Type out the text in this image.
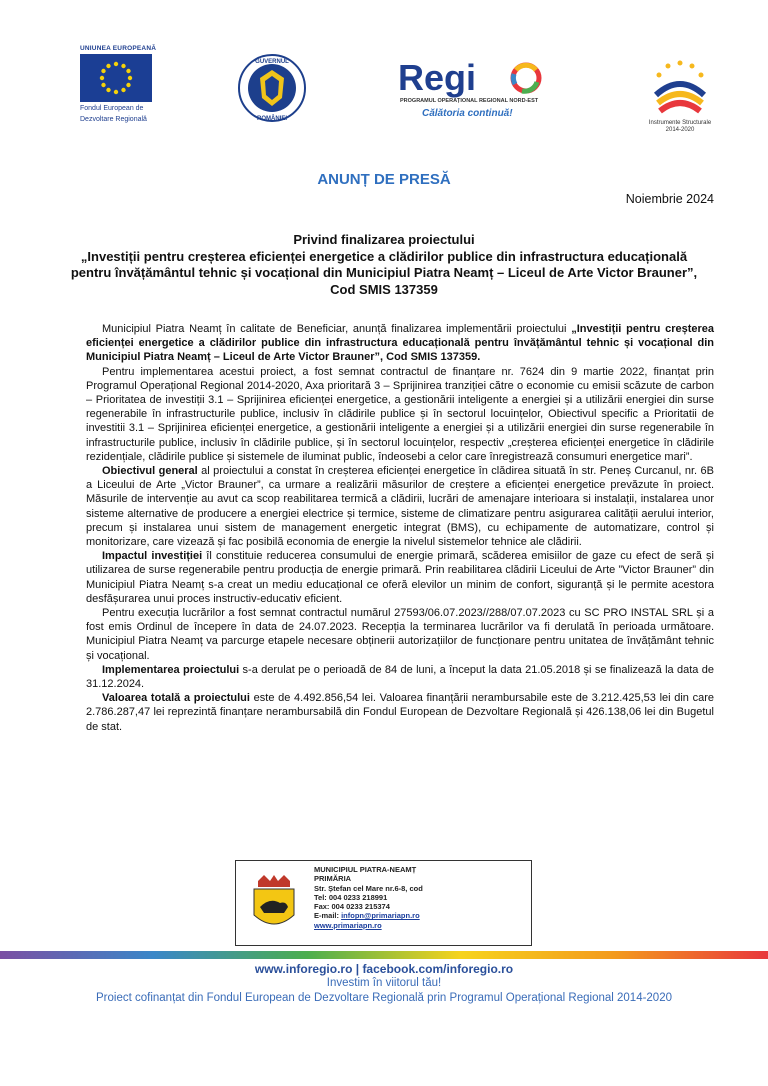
UNIUNEA EUROPEANĂ
Fondul European de
Dezvoltare Regională
GUVERNUL
ROMÂNIEI
Regi
PROGRAMUL OPERAȚIONAL REGIONAL NORD-EST
Călătoria continuă!
Instrumente Structurale
2014-2020
ANUNȚ DE PRESĂ
Noiembrie 2024
Privind finalizarea proiectului
„Investiții pentru creșterea eficienței energetice a clădirilor publice din infrastructura educațională pentru învățământul tehnic și vocațional din Municipiul Piatra Neamț – Liceul de Arte Victor Brauner”, Cod SMIS 137359

Municipiul Piatra Neamț în calitate de Beneficiar, anunță finalizarea implementării proiectului „Investiții pentru creșterea eficienței energetice a clădirilor publice din infrastructura educațională pentru învățământul tehnic și vocațional din Municipiul Piatra Neamț – Liceul de Arte Victor Brauner”, Cod SMIS 137359.

Pentru implementarea acestui proiect, a fost semnat contractul de finanțare nr. 7624 din 9 martie 2022, finanțat prin Programul Operațional Regional 2014-2020, Axa prioritară 3 – Sprijinirea tranziției către o economie cu emisii scăzute de carbon – Prioritatea de investiții 3.1 – Sprijinirea eficienței energetice, a gestionării inteligente a energiei și a utilizării energiei din surse regenerabile în infrastructurile publice, inclusiv în clădirile publice și în sectorul locuințelor, Obiectivul specific a Prioritatii de investitii 3.1 – Sprijinirea eficienței energetice, a gestionării inteligente a energiei și a utilizării energiei din surse regenerabile în infrastructurile publice, inclusiv în clădirile publice, și în sectorul locuințelor, respectiv „creșterea eficienței energetice în clădirile rezidențiale, clădirile publice și sistemele de iluminat public, îndeosebi a celor care înregistrează consumuri energetice mari”.

Obiectivul general al proiectului a constat în creșterea eficienței energetice în clădirea situată în str. Peneș Curcanul, nr. 6B a Liceului de Arte „Victor Brauner”, ca urmare a realizării măsurilor de creștere a eficienței energetice prevăzute în proiect. Măsurile de intervenție au avut ca scop reabilitarea termică a clădirii, lucrări de amenajare interioara si instalații, instalarea unor sisteme alternative de producere a energiei electrice și termice, sisteme de climatizare pentru asigurarea calității aerului interior, precum și instalarea unui sistem de management energetic integrat (BMS), cu echipamente de automatizare, control și monitorizare, care vizează și fac posibilă economia de energie la nivelul sistemelor tehnice ale clădirii.

Impactul investiției îl constituie reducerea consumului de energie primară, scăderea emisiilor de gaze cu efect de seră și utilizarea de surse regenerabile pentru producția de energie primară. Prin reabilitarea clădirii Liceului de Arte ”Victor Brauner” din Municipiul Piatra Neamț s-a creat un mediu educațional ce oferă elevilor un minim de confort, siguranță și le permite acestora desfășurarea unui proces instructiv-educativ eficient.

Pentru execuția lucrărilor a fost semnat contractul numărul 27593/06.07.2023//288/07.07.2023 cu SC PRO INSTAL SRL și a fost emis Ordinul de începere în data de 24.07.2023. Recepția la terminarea lucrărilor va fi derulată în perioada următoare. Municipiul Piatra Neamț va parcurge etapele necesare obținerii autorizațiilor de funcționare pentru unitatea de învățământ tehnic și vocațional.

Implementarea proiectului s-a derulat pe o perioadă de 84 de luni, a început la data 21.05.2018 și se finalizează la data de 31.12.2024.

Valoarea totală a proiectului este de 4.492.856,54 lei. Valoarea finanțării nerambursabile este de 3.212.425,53 lei din care 2.786.287,47 lei reprezintă finanțare nerambursabilă din Fondul European de Dezvoltare Regională și 426.138,06 lei din Bugetul de stat.

MUNICIPIUL PIATRA-NEAMȚ
PRIMĂRIA
Str. Ștefan cel Mare nr.6-8, cod
Tel: 004 0233 218991
Fax: 004 0233 215374
E-mail: infopn@primariapn.ro
www.primariapn.ro
www.inforegio.ro | facebook.com/inforegio.ro
Investim în viitorul tău!
Proiect cofinanțat din Fondul European de Dezvoltare Regională prin Programul Operațional Regional 2014-2020
